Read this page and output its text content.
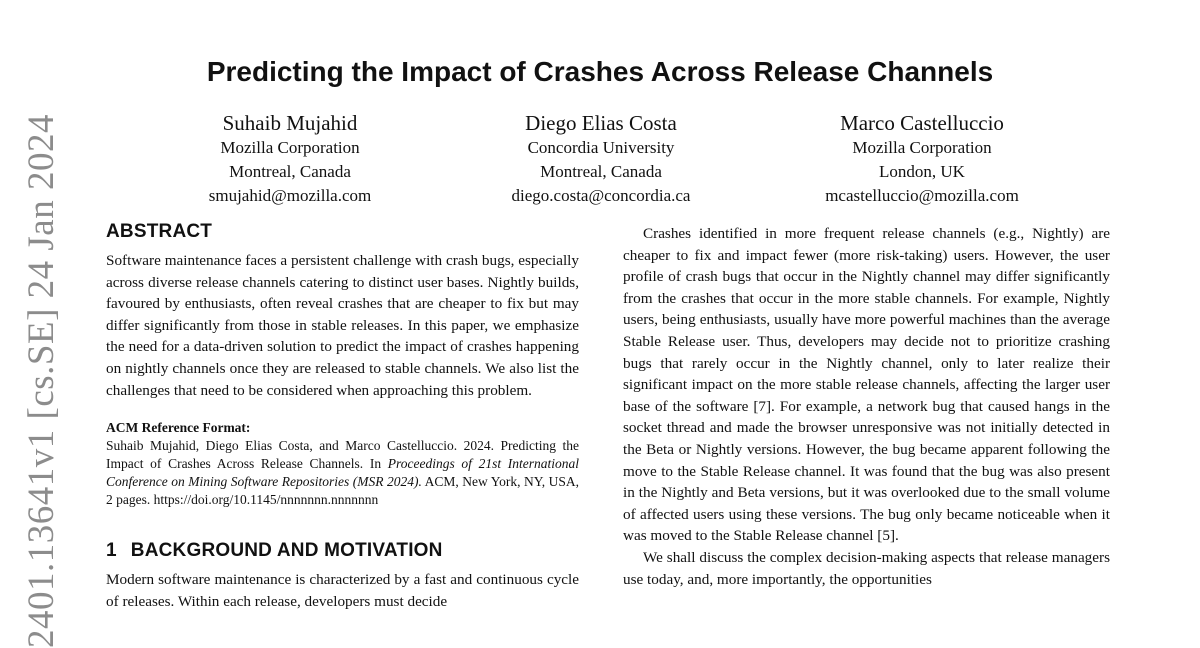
2401.13641v1 [cs.SE] 24 Jan 2024
Predicting the Impact of Crashes Across Release Channels
Suhaib Mujahid
Mozilla Corporation
Montreal, Canada
smujahid@mozilla.com
Diego Elias Costa
Concordia University
Montreal, Canada
diego.costa@concordia.ca
Marco Castelluccio
Mozilla Corporation
London, UK
mcastelluccio@mozilla.com
ABSTRACT

Software maintenance faces a persistent challenge with crash bugs, especially across diverse release channels catering to distinct user bases. Nightly builds, favoured by enthusiasts, often reveal crashes that are cheaper to fix but may differ significantly from those in stable releases. In this paper, we emphasize the need for a data-driven solution to predict the impact of crashes happening on nightly channels once they are released to stable channels. We also list the challenges that need to be considered when approaching this problem.

ACM Reference Format:

Suhaib Mujahid, Diego Elias Costa, and Marco Castelluccio. 2024. Predicting the Impact of Crashes Across Release Channels. In Proceedings of 21st International Conference on Mining Software Repositories (MSR 2024). ACM, New York, NY, USA, 2 pages. https://doi.org/10.1145/nnnnnnn.nnnnnnn

1 BACKGROUND AND MOTIVATION

Modern software maintenance is characterized by a fast and continuous cycle of releases. Within each release, developers must decide

Crashes identified in more frequent release channels (e.g., Nightly) are cheaper to fix and impact fewer (more risk-taking) users. However, the user profile of crash bugs that occur in the Nightly channel may differ significantly from the crashes that occur in the more stable channels. For example, Nightly users, being enthusiasts, usually have more powerful machines than the average Stable Release user. Thus, developers may decide not to prioritize crashing bugs that rarely occur in the Nightly channel, only to later realize their significant impact on the more stable release channels, affecting the larger user base of the software [7]. For example, a network bug that caused hangs in the socket thread and made the browser unresponsive was not initially detected in the Beta or Nightly versions. However, the bug became apparent following the move to the Stable Release channel. It was found that the bug was also present in the Nightly and Beta versions, but it was overlooked due to the small volume of affected users using these versions. The bug only became noticeable when it was moved to the Stable Release channel [5].

We shall discuss the complex decision-making aspects that release managers use today, and, more importantly, the opportunities
